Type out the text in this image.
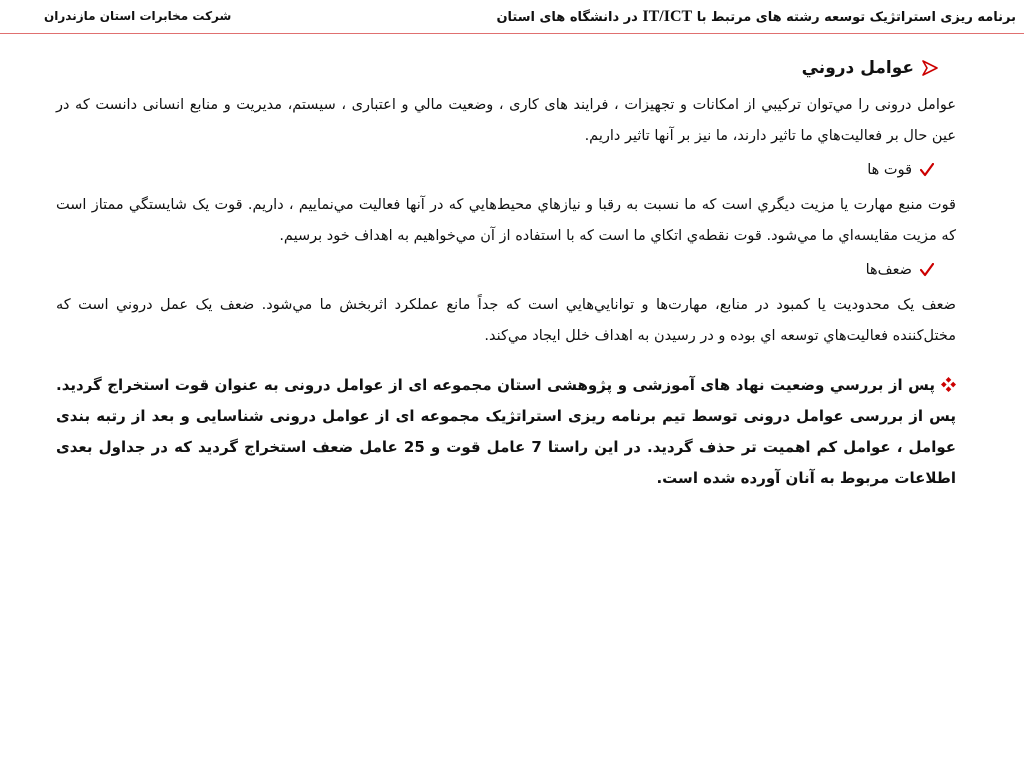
برنامه ریزی استراتژیک توسعه رشته های مرتبط با IT/ICT در دانشگاه های استان
شرکت مخابرات استان مازندران
عوامل دروني

عوامل درونی را مي‌توان تركيبي از امكانات و تجهيزات ، فرايند های كاری ، وضعيت مالي و اعتباری ، سيستم، مديريت و منابع انسانی دانست كه در عين حال بر فعاليت‌هاي ما تاثير دارند، ما نيز بر آنها تاثير داريم.

قوت ها

قوت منبع مهارت يا مزيت ديگري است كه ما نسبت به رقبا و نيازهاي محيط‌هايي كه در آنها فعاليت مي‌نماييم ، داريم. قوت یک شايستگي ممتاز است كه مزيت مقايسه‌اي ما مي‌شود. قوت نقطه‌ي اتكاي ما است كه با استفاده از آن مي‌خواهيم به اهداف خود برسيم.

ضعف‌ها

ضعف يک محدوديت يا كمبود در منابع، مهارت‌ها و توانايي‌هايي است كه جداً مانع عملكرد اثربخش ما مي‌شود. ضعف يک عمل دروني است كه مختل‌كننده فعاليت‌هاي توسعه اي بوده و در رسيدن به اهداف خلل ايجاد مي‌كند.

پس از بررسي وضعيت نهاد های آموزشی و پژوهشی استان مجموعه ای از عوامل درونی به عنوان قوت استخراج گردید. پس از بررسی عوامل درونی توسط تیم برنامه ریزی استراتژیک مجموعه ای از عوامل درونی شناسایی و بعد از رتبه بندی عوامل ، عوامل کم اهمیت تر حذف گردید. در این راستا 7 عامل قوت و 25 عامل ضعف استخراج گردید که در جداول بعدی اطلاعات مربوط به آنان آورده شده است.
